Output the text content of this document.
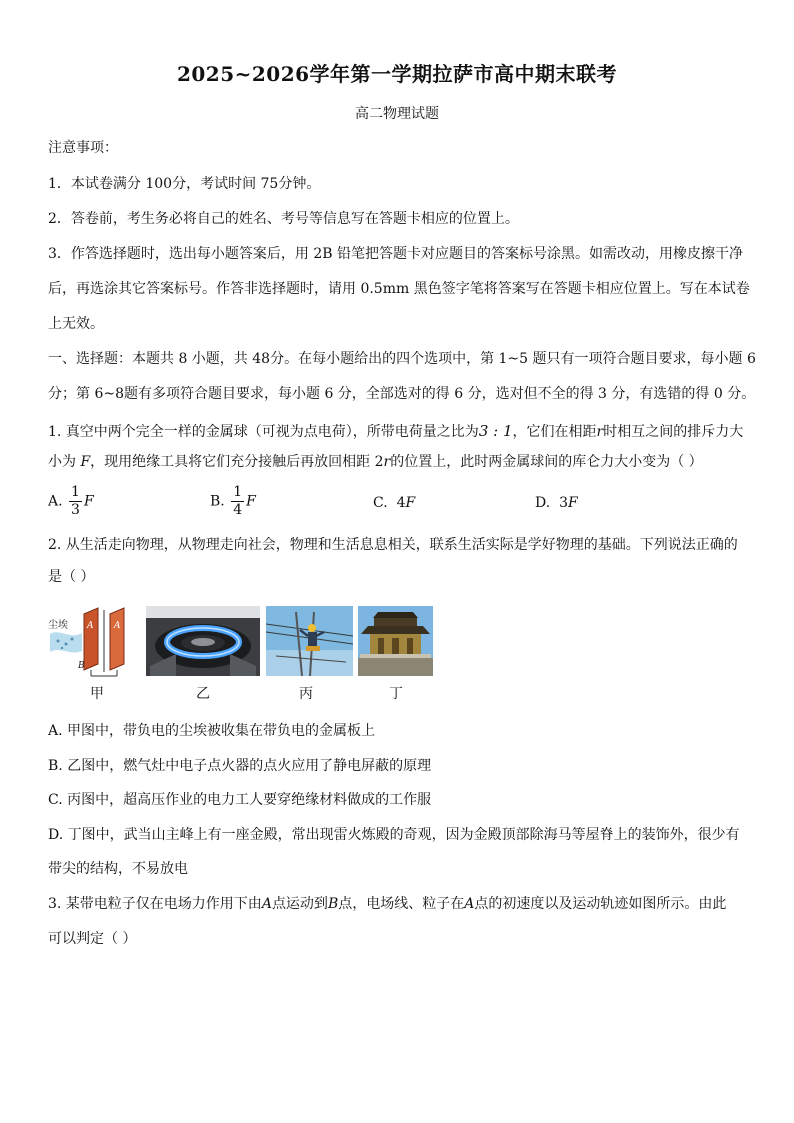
2025~2026学年第一学期拉萨市高中期末联考
高二物理试题
注意事项：
1．本试卷满分 100分，考试时间 75分钟。
2．答卷前，考生务必将自己的姓名、考号等信息写在答题卡相应的位置上。
3．作答选择题时，选出每小题答案后，用 2B 铅笔把答题卡对应题目的答案标号涂黑。如需改动，用橡皮擦干净
后，再选涂其它答案标号。作答非选择题时，请用 0.5mm 黑色签字笔将答案写在答题卡相应位置上。写在本试卷
上无效。
一、选择题：本题共 8 小题，共 48分。在每小题给出的四个选项中，第 1~5 题只有一项符合题目要求，每小题 6
分；第 6~8题有多项符合题目要求，每小题 6 分，全部选对的得 6 分，选对但不全的得 3 分，有选错的得 0 分。
1. 真空中两个完全一样的金属球（可视为点电荷），所带电荷量之比为3 : 1，它们在相距r时相互之间的排斥力大
小为 F，现用绝缘工具将它们充分接触后再放回相距 2r的位置上，此时两金属球间的库仑力大小变为（ ）
A. $\frac{1}{3}$ F	B. $\frac{1}{4}$ F	C. 4F	D. 3F
2. 从生活走向物理，从物理走向社会，物理和生活息息相关，联系生活实际是学好物理的基础。下列说法正确的
是（ ）
尘埃 A A
B
甲	乙	丙	丁
A. 甲图中，带负电的尘埃被收集在带负电的金属板上
B. 乙图中，燃气灶中电子点火器的点火应用了静电屏蔽的原理
C. 丙图中，超高压作业的电力工人要穿绝缘材料做成的工作服
D. 丁图中，武当山主峰上有一座金殿，常出现雷火炼殿的奇观，因为金殿顶部除海马等屋脊上的装饰外，很少有
带尖的结构，不易放电
3. 某带电粒子仅在电场力作用下由A点运动到B点，电场线、粒子在A点的初速度以及运动轨迹如图所示。由此
可以判定（ ）
